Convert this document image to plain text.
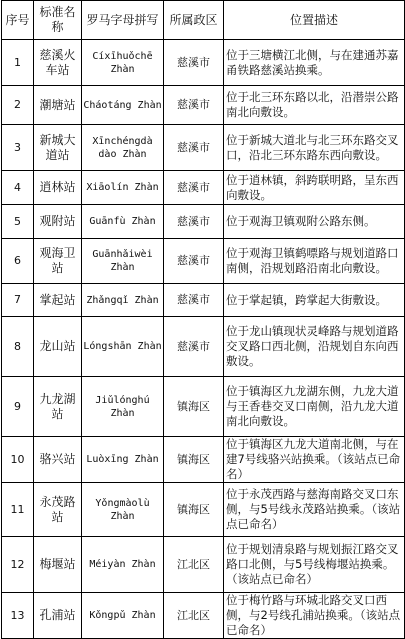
序号	标准名称	罗马字母拼写	所属政区	位置描述
1	慈溪火车站	Cíxīhuǒchē Zhàn	慈溪市	位于三塘横江北侧，与在建通苏嘉甬铁路慈溪站换乘。
2	潮塘站	Cháotáng Zhàn	慈溪市	位于北三环东路以北，沿潜崇公路南北向敷设。
3	新城大道站	Xīnchéngdà dào Zhàn	慈溪市	位于新城大道北与北三环东路交叉口，沿北三环东路东西向敷设。
4	逍林站	Xiāolín Zhàn	慈溪市	位于逍林镇，斜跨联明路，呈东西向敷设。
5	观附站	Guānfù Zhàn	慈溪市	位于观海卫镇观附公路东侧。
6	观海卫站	Guānhǎiwèi Zhàn	慈溪市	位于观海卫镇鹤嘌路与规划道路口南侧，沿规划路沿南北向敷设。
7	掌起站	Zhǎngqǐ Zhàn	慈溪市	位于掌起镇，跨掌起大街敷设。
8	龙山站	Lóngshān Zhàn	慈溪市	位于龙山镇现状灵峰路与规划道路交叉路口西北侧，沿规划自东向西敷设。
9	九龙湖站	Jiǔlónghú Zhàn	镇海区	位于镇海区九龙湖东侧，九龙大道与王香巷交叉口南侧，沿九龙大道南北向敷设。
10	骆兴站	Luòxīng Zhàn	镇海区	位于镇海区九龙大道南北侧，与在建7号线骆兴站换乘。（该站点已命名）
11	永茂路站	Yǒngmàolù Zhàn	镇海区	位于永茂西路与慈海南路交叉口东侧，与5号线永茂路站换乘。（该站点已命名）
12	梅堰站	Méiyàn Zhàn	江北区	位于规划清泉路与规划振江路交叉路口北侧，与5号线梅堰站换乘。（该站点已命名）
13	孔浦站	Kǒngpǔ Zhàn	江北区	位于梅竹路与环城北路交叉口西侧，与2号线孔浦站换乘。（该站点已命名）
